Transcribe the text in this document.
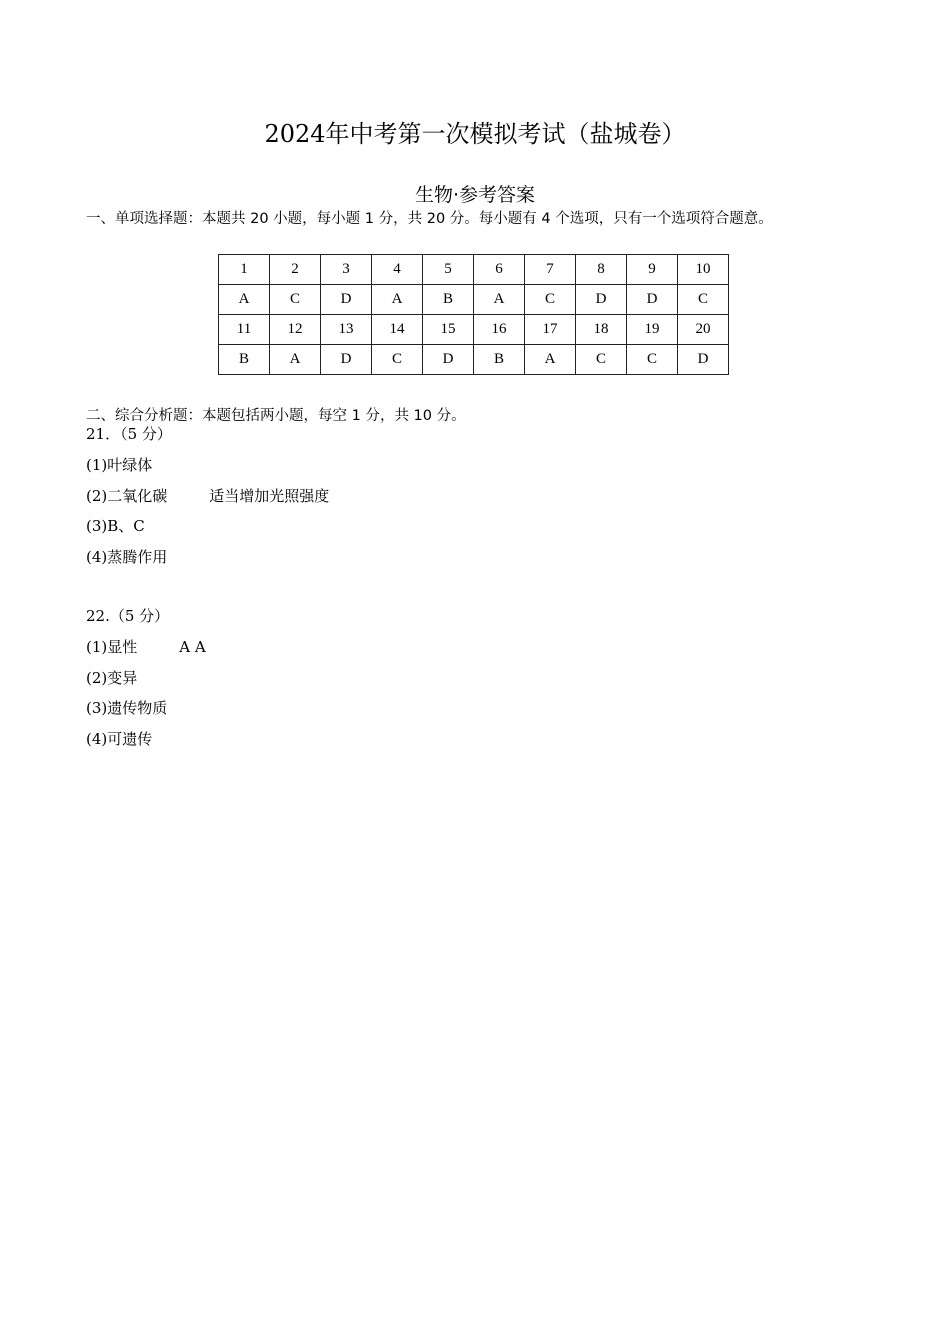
2024年中考第一次模拟考试（盐城卷）
生物·参考答案
一、单项选择题：本题共 20 小题，每小题 1 分，共 20 分。每小题有 4 个选项，只有一个选项符合题意。
1	2	3	4	5	6	7	8	9	10
A	C	D	A	B	A	C	D	D	C
11	12	13	14	15	16	17	18	19	20
B	A	D	C	D	B	A	C	C	D
二、综合分析题：本题包括两小题，每空 1 分，共 10 分。
21．（5 分）
(1)叶绿体
(2)二氧化碳	适当增加光照强度
(3)B、C
(4)蒸腾作用
22.（5 分）
(1)显性	A A
(2)变异
(3)遗传物质
(4)可遗传
